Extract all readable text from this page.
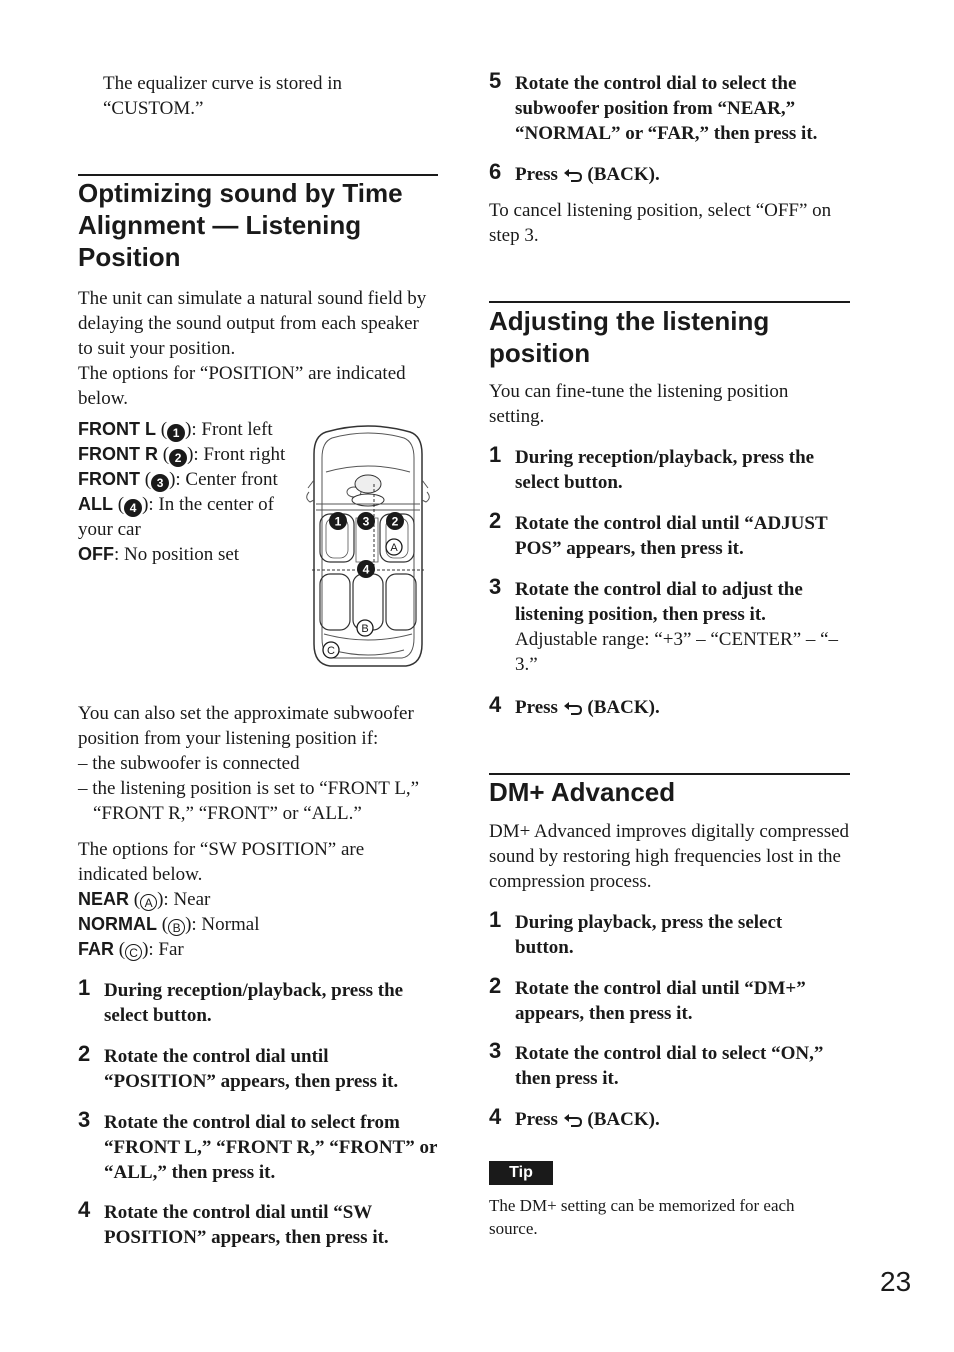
The equalizer curve is stored in “CUSTOM.”

Optimizing sound by Time Alignment — Listening Position

The unit can simulate a natural sound field by delaying the sound output from each speaker to suit your position.

The options for “POSITION” are indicated below.

FRONT L ( 1 ): Front left

FRONT R ( 2 ): Front right

FRONT ( 3 ): Center front

ALL ( 4 ): In the center of your car

OFF: No position set

1 3 2
A
4
B
C

You can also set the approximate subwoofer position from your listening position if:

– the subwoofer is connected
– the listening position is set to “FRONT L,” “FRONT R,” “FRONT” or “ALL.”

The options for “SW POSITION” are indicated below.

NEAR ( A ): Near

NORMAL ( B ): Normal

FAR ( C ): Far

1 During reception/playback, press the select button.
2 Rotate the control dial until “POSITION” appears, then press it.
3 Rotate the control dial to select from “FRONT L,” “FRONT R,” “FRONT” or “ALL,” then press it.
4 Rotate the control dial until “SW POSITION” appears, then press it.
5 Rotate the control dial to select the subwoofer position from “NEAR,” “NORMAL” or “FAR,” then press it.
6 Press (BACK).

To cancel listening position, select “OFF” on step 3.

Adjusting the listening position

You can fine-tune the listening position setting.

1 During reception/playback, press the select button.
2 Rotate the control dial until “ADJUST POS” appears, then press it.
3 Rotate the control dial to adjust the listening position, then press it.
Adjustable range: “+3” – “CENTER” – “–3.”
4 Press (BACK).
DM+ Advanced

DM+ Advanced improves digitally compressed sound by restoring high frequencies lost in the compression process.

1 During playback, press the select button.
2 Rotate the control dial until “DM+” appears, then press it.
3 Rotate the control dial to select “ON,” then press it.
4 Press (BACK).
Tip

The DM+ setting can be memorized for each source.

23
